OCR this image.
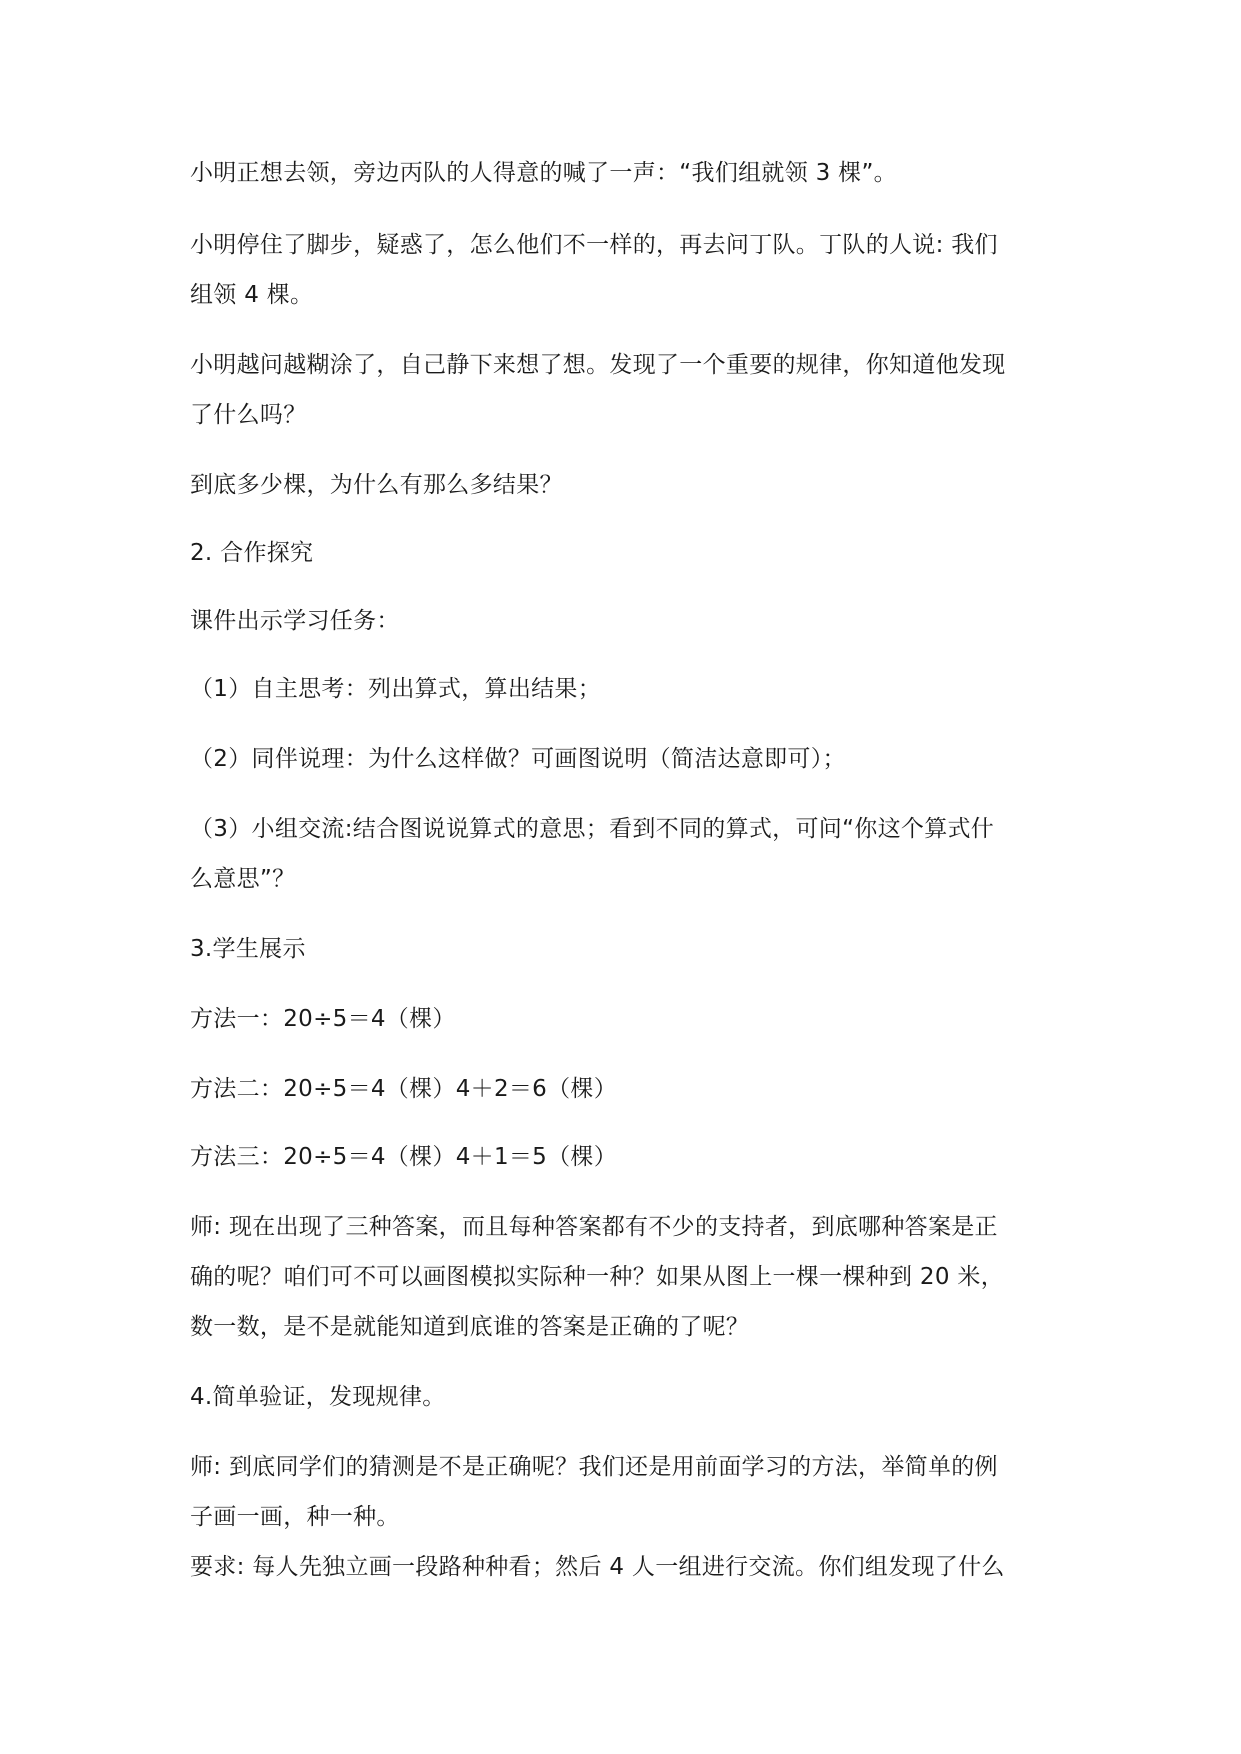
小明正想去领，旁边丙队的人得意的喊了一声：“我们组就领 3 棵”。
小明停住了脚步，疑惑了，怎么他们不一样的，再去问丁队。丁队的人说: 我们
组领 4 棵。
小明越问越糊涂了，自己静下来想了想。发现了一个重要的规律，你知道他发现
了什么吗？
到底多少棵，为什么有那么多结果？
2. 合作探究
课件出示学习任务：
（1）自主思考：列出算式，算出结果；
（2）同伴说理：为什么这样做？可画图说明（简洁达意即可）；
（3）小组交流:结合图说说算式的意思；看到不同的算式，可问“你这个算式什
么意思”？
3.学生展示
方法一：20÷5＝4（棵）
方法二：20÷5＝4（棵）4＋2＝6（棵）
方法三：20÷5＝4（棵）4＋1＝5（棵）
师: 现在出现了三种答案，而且每种答案都有不少的支持者，到底哪种答案是正
确的呢？咱们可不可以画图模拟实际种一种？如果从图上一棵一棵种到 20 米，
数一数，是不是就能知道到底谁的答案是正确的了呢？
4.简单验证，发现规律。
师: 到底同学们的猜测是不是正确呢？我们还是用前面学习的方法，举简单的例
子画一画，种一种。
要求: 每人先独立画一段路种种看；然后 4 人一组进行交流。你们组发现了什么
